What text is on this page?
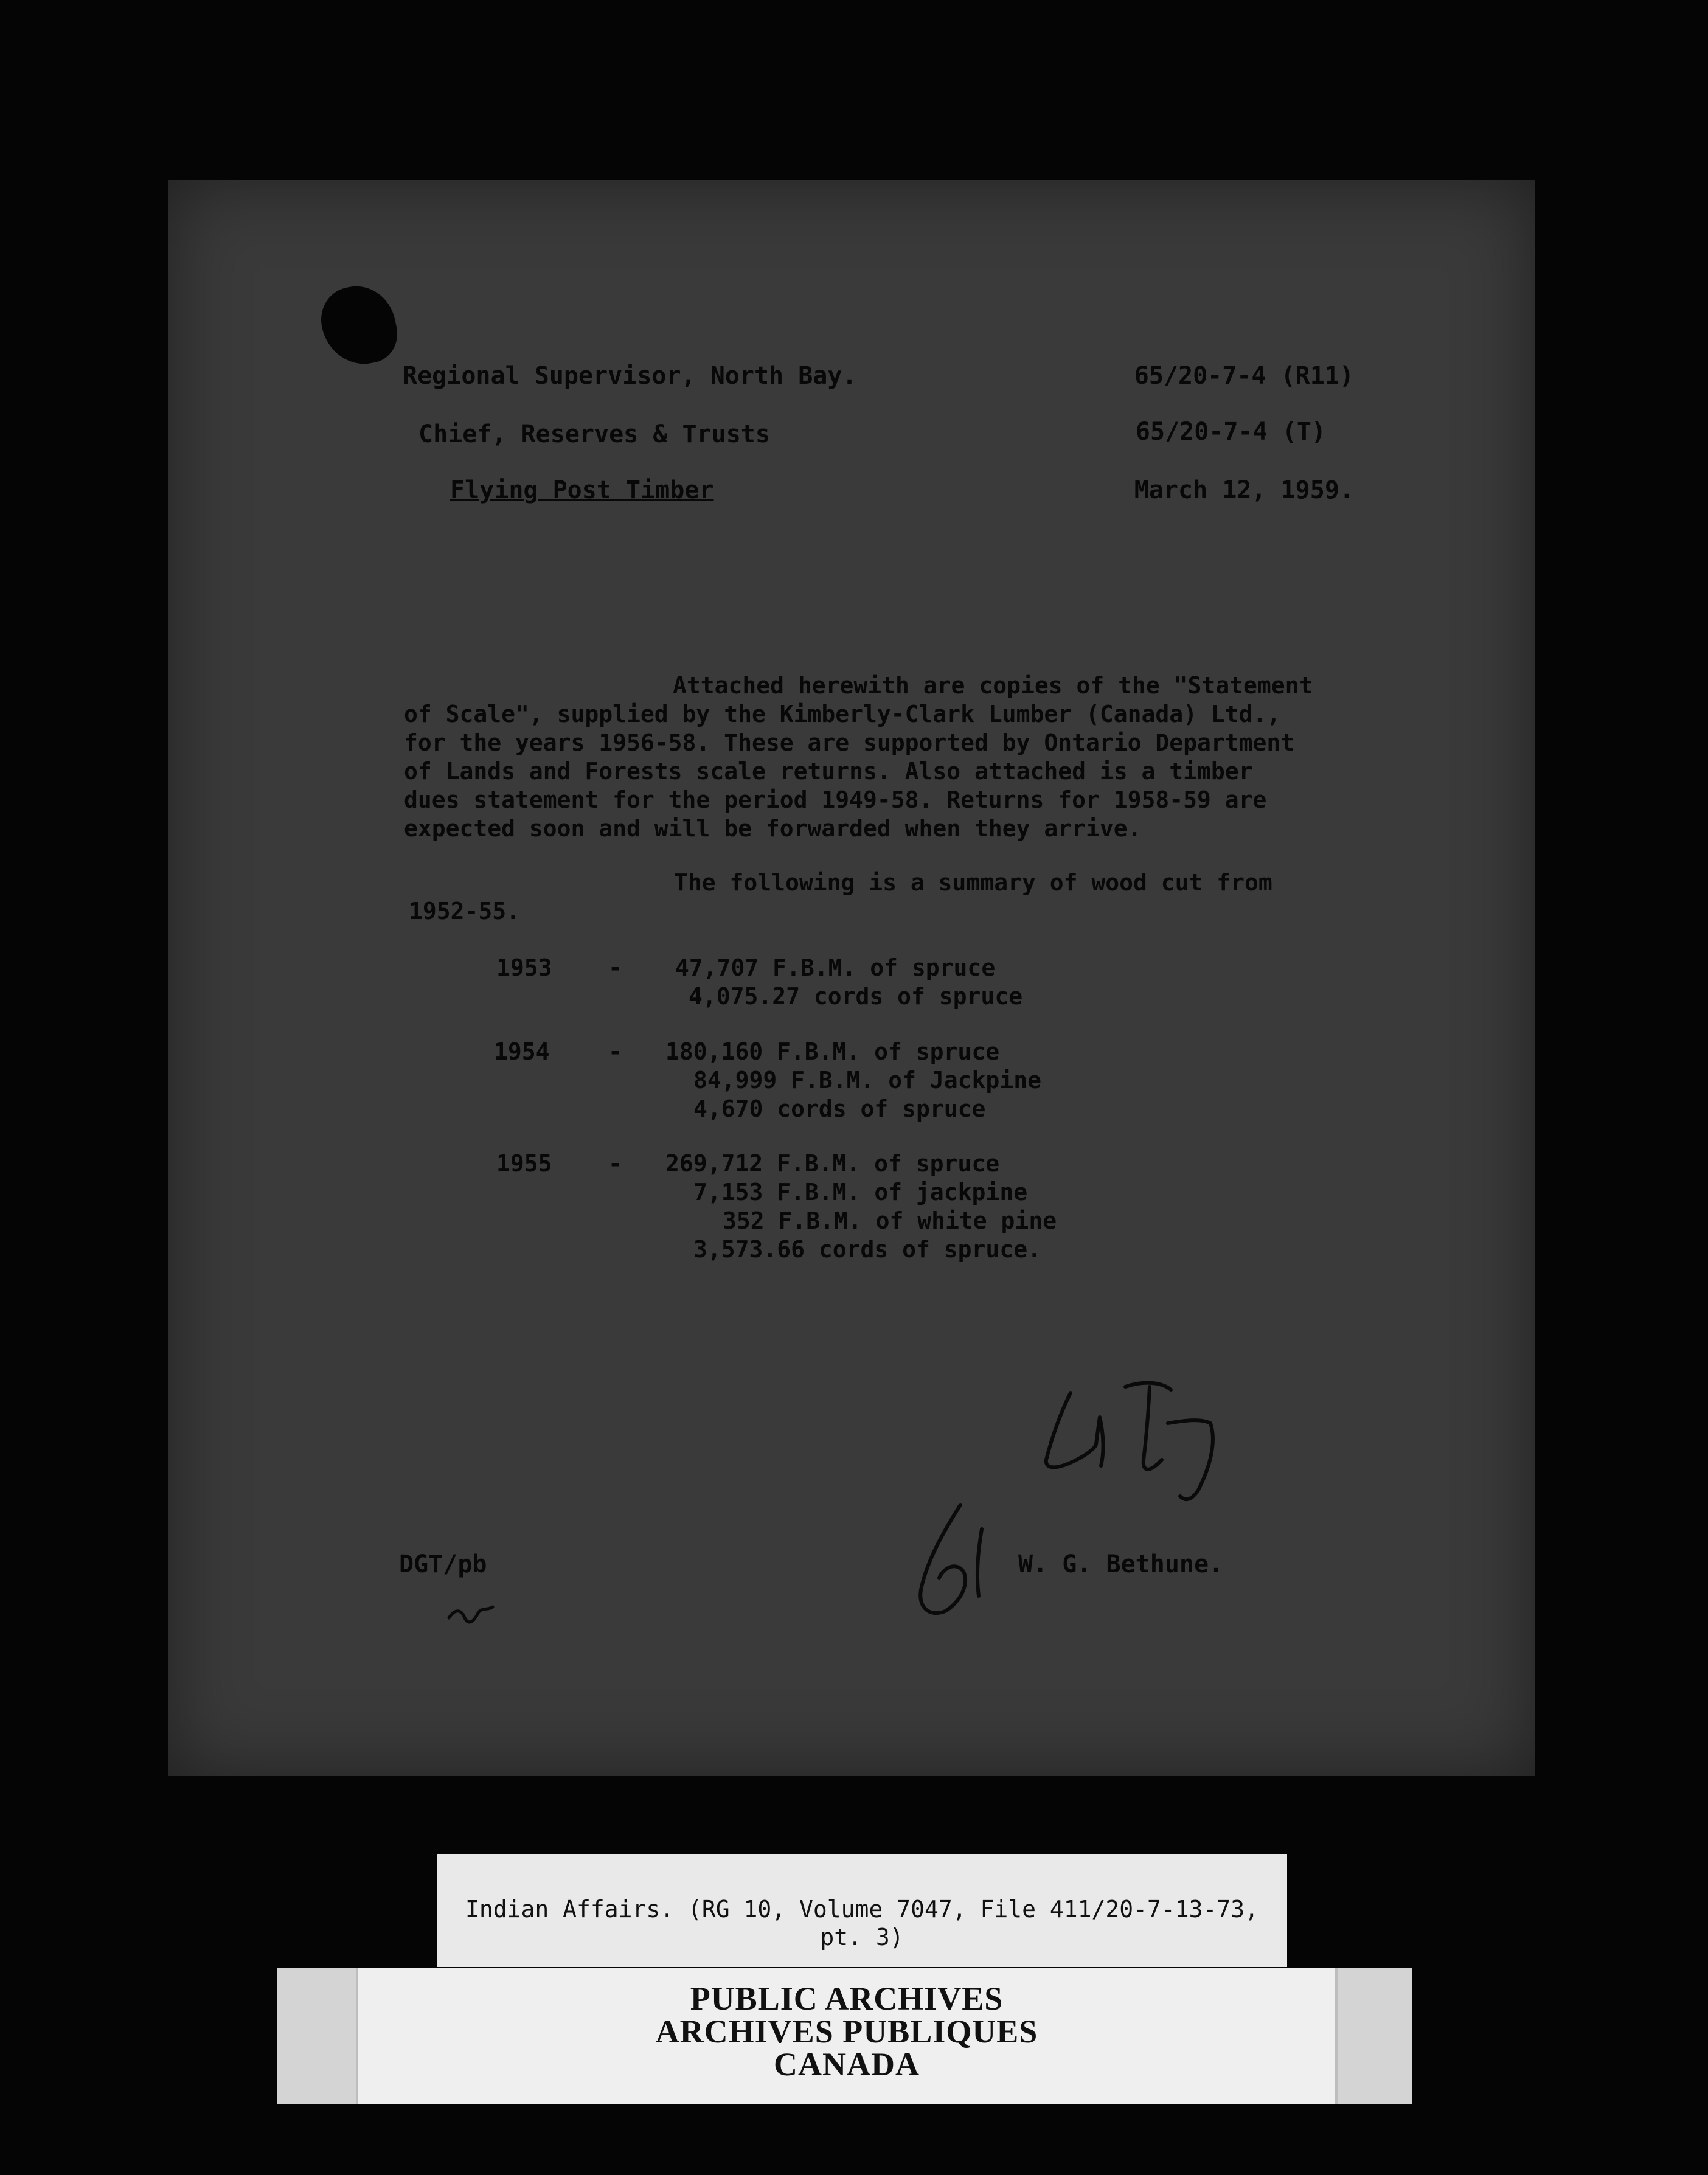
Regional Supervisor, North Bay.
Chief, Reserves & Trusts
Flying Post Timber
65/20-7-4 (R11)
65/20-7-4 (T)
March 12, 1959.
Attached herewith are copies of the "Statement
of Scale", supplied by the Kimberly-Clark Lumber (Canada) Ltd.,
for the years 1956-58. These are supported by Ontario Department
of Lands and Forests scale returns. Also attached is a timber
dues statement for the period 1949-58. Returns for 1958-59 are
expected soon and will be forwarded when they arrive.
The following is a summary of wood cut from
1952-55.
1953 - 47,707 F.B.M. of spruce
4,075.27 cords of spruce
1954	- 180,160 F.B.M. of spruce
84,999 F.B.M. of Jackpine
4,670 cords of spruce
1955 - 269,712 F.B.M. of spruce
7,153 F.B.M. of jackpine
352 F.B.M. of white pine
3,573.66 cords of spruce.
W. G. Bethune.
DGT/pb
Indian Affairs. (RG 10, Volume 7047, File 411/20-7-13-73,
pt. 3)
PUBLIC ARCHIVES
ARCHIVES PUBLIQUES
CANADA
